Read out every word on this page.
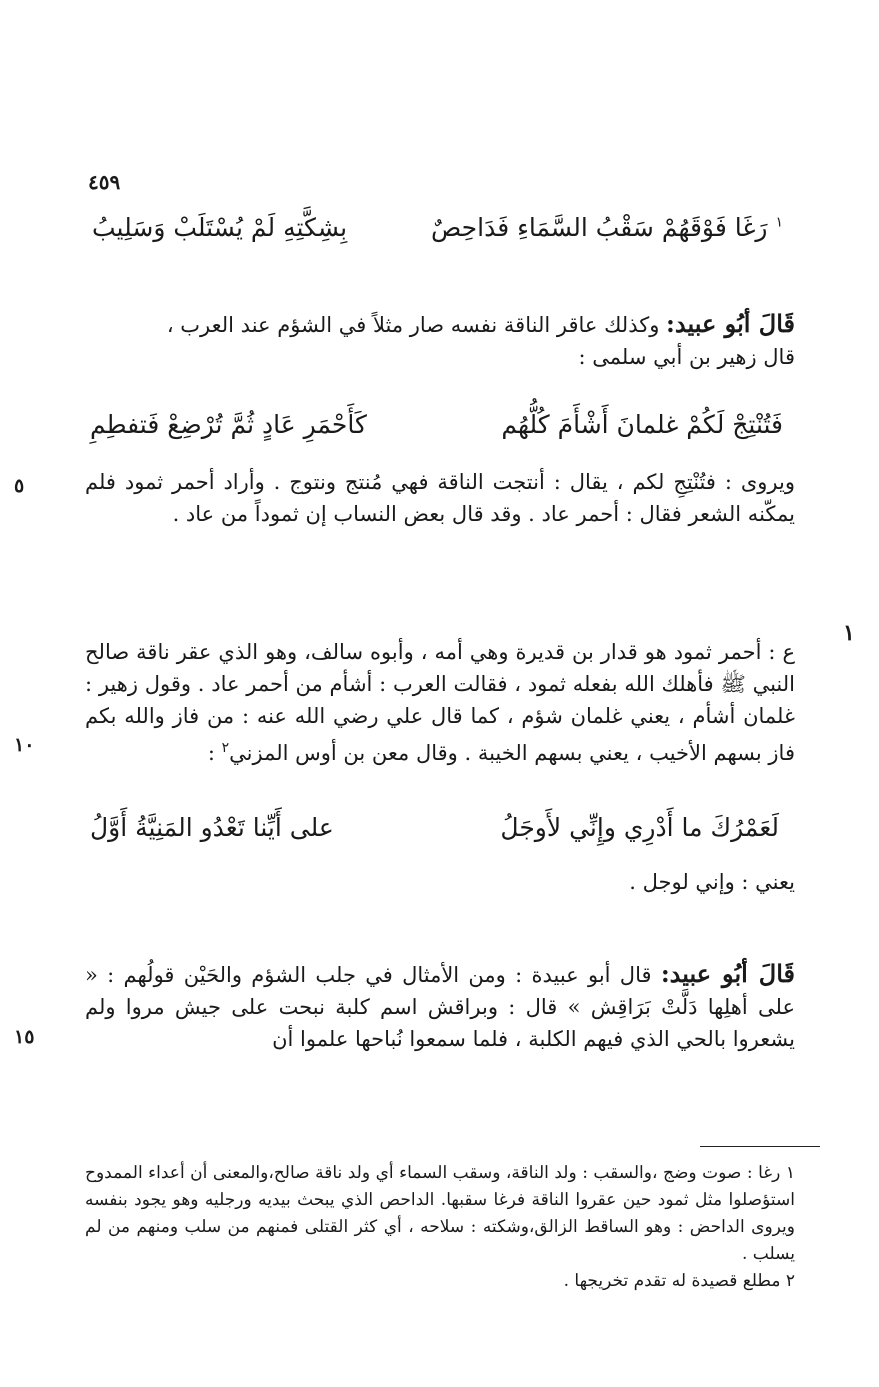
٤٥٩
$^١$ رَغَا فَوْقَهُمْ سَقْبُ السَّمَاءِ فَدَاحِصٌ
بِشِكَّتِهِ لَمْ يُسْتَلَبْ وَسَلِيبُ

قَالَ أبُو عبيد: وكذلك عاقر الناقة نفسه صار مثلاً في الشؤم عند العرب ،

قال زهير بن أبي سلمى :

فَتُنْتِجْ لَكُمْ غلمانَ أَشْأَمَ كُلُّهُم
كَأَحْمَرِ عَادٍ ثُمَّ تُرْضِعْ فَتفطِمِ
ويروى : فتُنْتِجِ لكم ، يقال : أنتجت الناقة فهي مُنتج ونتوج . وأراد أحمر ثمود فلم يمكّنه الشعر فقال : أحمر عاد . وقد قال بعض النساب إن ثموداً من عاد .
٥
١
ع : أحمر ثمود هو قدار بن قديرة وهي أمه ، وأبوه سالف، وهو الذي عقر ناقة صالح النبي ﷺ فأهلك الله بفعله ثمود ، فقالت العرب : أشأم من أحمر عاد . وقول زهير : غلمان أشأم ، يعني غلمان شؤم ، كما قال علي رضي الله عنه : من فاز والله بكم فاز بسهم الأخيب ، يعني بسهم الخيبة . وقال معن بن أوس المزني$^٢$ :
١٠
لَعَمْرُكَ ما أَدْرِي وإِنِّي لأَوجَلُ
على أَيِّنا تَعْدُو المَنِيَّةُ أَوَّلُ
يعني : وإني لوجل .
قَالَ أبُو عبيد: قال أبو عبيدة : ومن الأمثال في جلب الشؤم والحَيْن قولُهم : « على أهلِها دَلَّتْ بَرَاقِش » قال : وبراقش اسم كلبة نبحت على جيش مروا ولم يشعروا بالحي الذي فيهم الكلبة ، فلما سمعوا نُباحها علموا أن
١٥

١ رغا : صوت وضج ،والسقب : ولد الناقة، وسقب السماء أي ولد ناقة صالح،والمعنى أن أعداء الممدوح استؤصلوا مثل ثمود حين عقروا الناقة فرغا سقبها. الداحص الذي يبحث بيديه ورجليه وهو يجود بنفسه ويروى الداحض : وهو الساقط الزالق،وشكته : سلاحه ، أي كثر القتلى فمنهم من سلب ومنهم من لم يسلب .

٢ مطلع قصيدة له تقدم تخريجها .
